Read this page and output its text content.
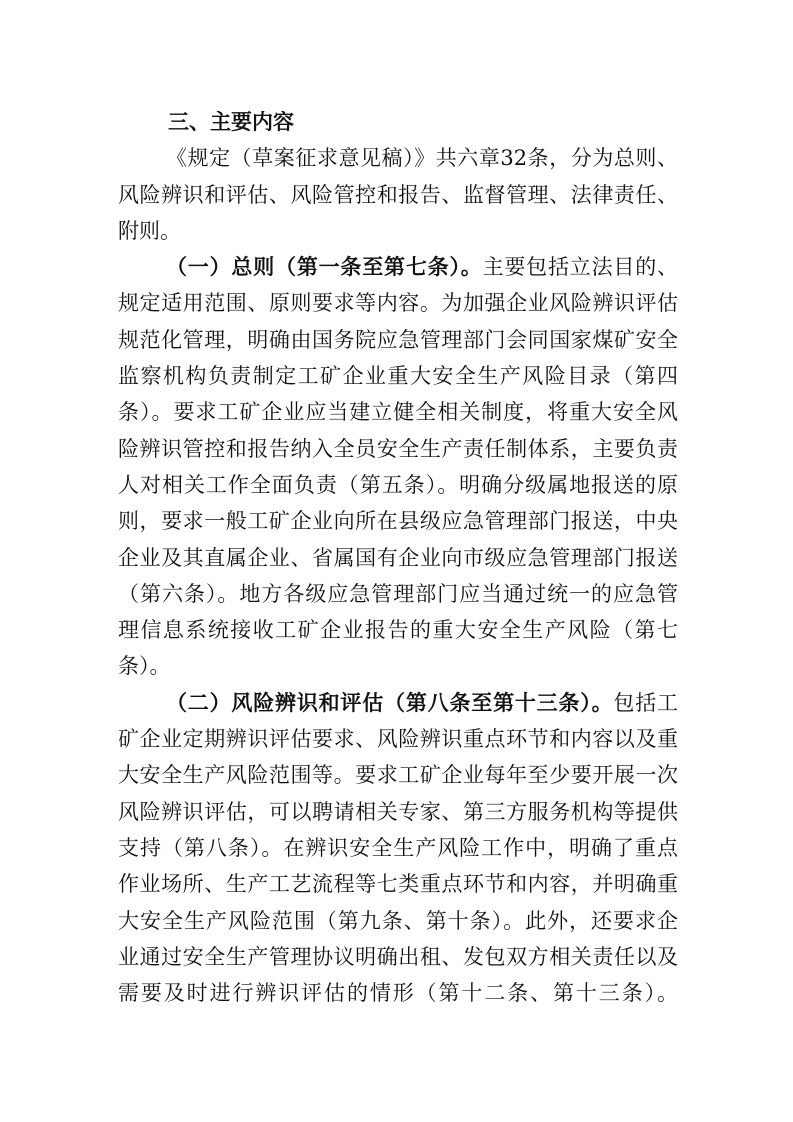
三、主要内容
《规定（草案征求意见稿）》共六章32条，分为总则、
风险辨识和评估、风险管控和报告、监督管理、法律责任、
附则。
（一）总则（第一条至第七条）。主要包括立法目的、
规定适用范围、原则要求等内容。为加强企业风险辨识评估
规范化管理，明确由国务院应急管理部门会同国家煤矿安全
监察机构负责制定工矿企业重大安全生产风险目录（第四
条）。要求工矿企业应当建立健全相关制度，将重大安全风
险辨识管控和报告纳入全员安全生产责任制体系，主要负责
人对相关工作全面负责（第五条）。明确分级属地报送的原
则，要求一般工矿企业向所在县级应急管理部门报送，中央
企业及其直属企业、省属国有企业向市级应急管理部门报送
（第六条）。地方各级应急管理部门应当通过统一的应急管
理信息系统接收工矿企业报告的重大安全生产风险（第七
条）。
（二）风险辨识和评估（第八条至第十三条）。包括工
矿企业定期辨识评估要求、风险辨识重点环节和内容以及重
大安全生产风险范围等。要求工矿企业每年至少要开展一次
风险辨识评估，可以聘请相关专家、第三方服务机构等提供
支持（第八条）。在辨识安全生产风险工作中，明确了重点
作业场所、生产工艺流程等七类重点环节和内容，并明确重
大安全生产风险范围（第九条、第十条）。此外，还要求企
业通过安全生产管理协议明确出租、发包双方相关责任以及
需要及时进行辨识评估的情形（第十二条、第十三条）。
